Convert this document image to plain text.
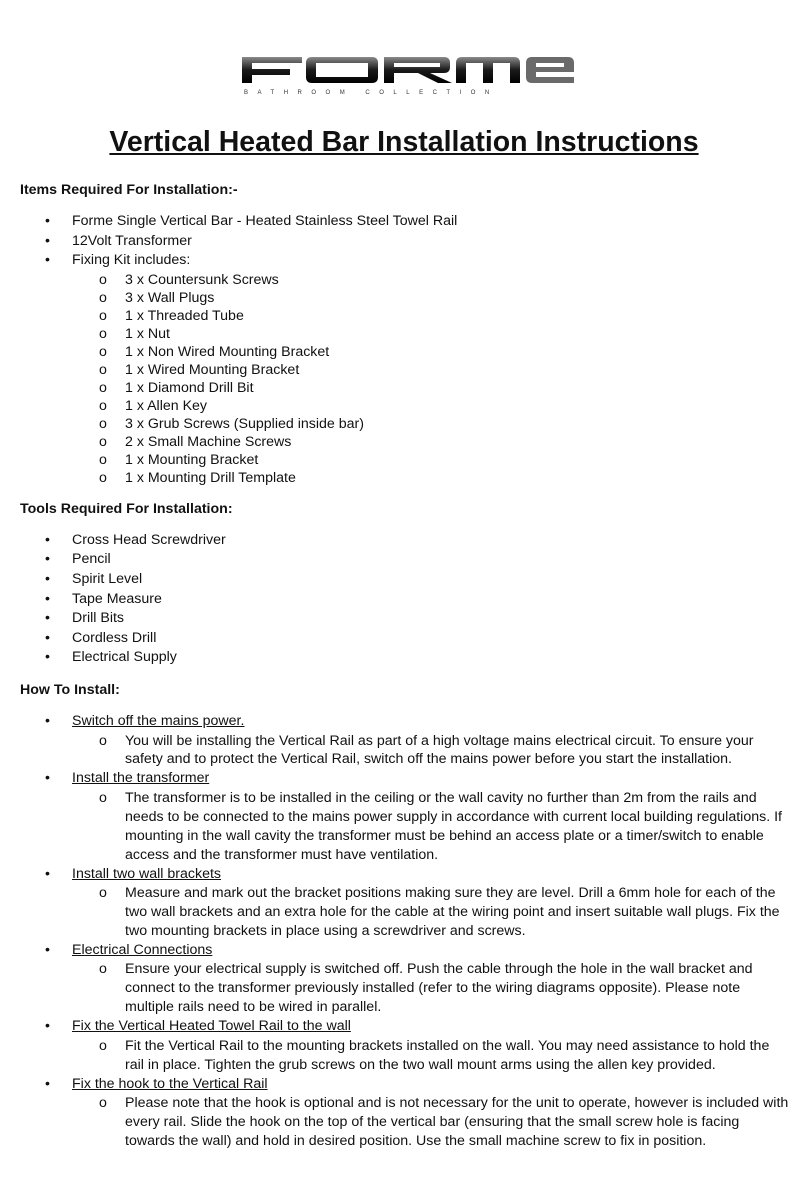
BATHROOM COLLECTION
Vertical Heated Bar Installation Instructions

Items Required For Installation:-

• Forme Single Vertical Bar - Heated Stainless Steel Towel Rail
• 12Volt Transformer
• Fixing Kit includes:
o 3 x Countersunk Screws
o 3 x Wall Plugs
o 1 x Threaded Tube
o 1 x Nut
o 1 x Non Wired Mounting Bracket
o 1 x Wired Mounting Bracket
o 1 x Diamond Drill Bit
o 1 x Allen Key
o 3 x Grub Screws (Supplied inside bar)
o 2 x Small Machine Screws
o 1 x Mounting Bracket
o 1 x Mounting Drill Template

Tools Required For Installation:

• Cross Head Screwdriver
• Pencil
• Spirit Level
• Tape Measure
• Drill Bits
• Cordless Drill
• Electrical Supply

How To Install:

• Switch off the mains power.
o You will be installing the Vertical Rail as part of a high voltage mains electrical circuit. To ensure your safety and to protect the Vertical Rail, switch off the mains power before you start the installation.
• Install the transformer
o The transformer is to be installed in the ceiling or the wall cavity no further than 2m from the rails and needs to be connected to the mains power supply in accordance with current local building regulations. If mounting in the wall cavity the transformer must be behind an access plate or a timer/switch to enable access and the transformer must have ventilation.
• Install two wall brackets
o Measure and mark out the bracket positions making sure they are level. Drill a 6mm hole for each of the two wall brackets and an extra hole for the cable at the wiring point and insert suitable wall plugs. Fix the two mounting brackets in place using a screwdriver and screws.
• Electrical Connections
o Ensure your electrical supply is switched off. Push the cable through the hole in the wall bracket and connect to the transformer previously installed (refer to the wiring diagrams opposite). Please note multiple rails need to be wired in parallel.
• Fix the Vertical Heated Towel Rail to the wall
o Fit the Vertical Rail to the mounting brackets installed on the wall. You may need assistance to hold the rail in place. Tighten the grub screws on the two wall mount arms using the allen key provided.
• Fix the hook to the Vertical Rail
o Please note that the hook is optional and is not necessary for the unit to operate, however is included with every rail. Slide the hook on the top of the vertical bar (ensuring that the small screw hole is facing towards the wall) and hold in desired position. Use the small machine screw to fix in position.
